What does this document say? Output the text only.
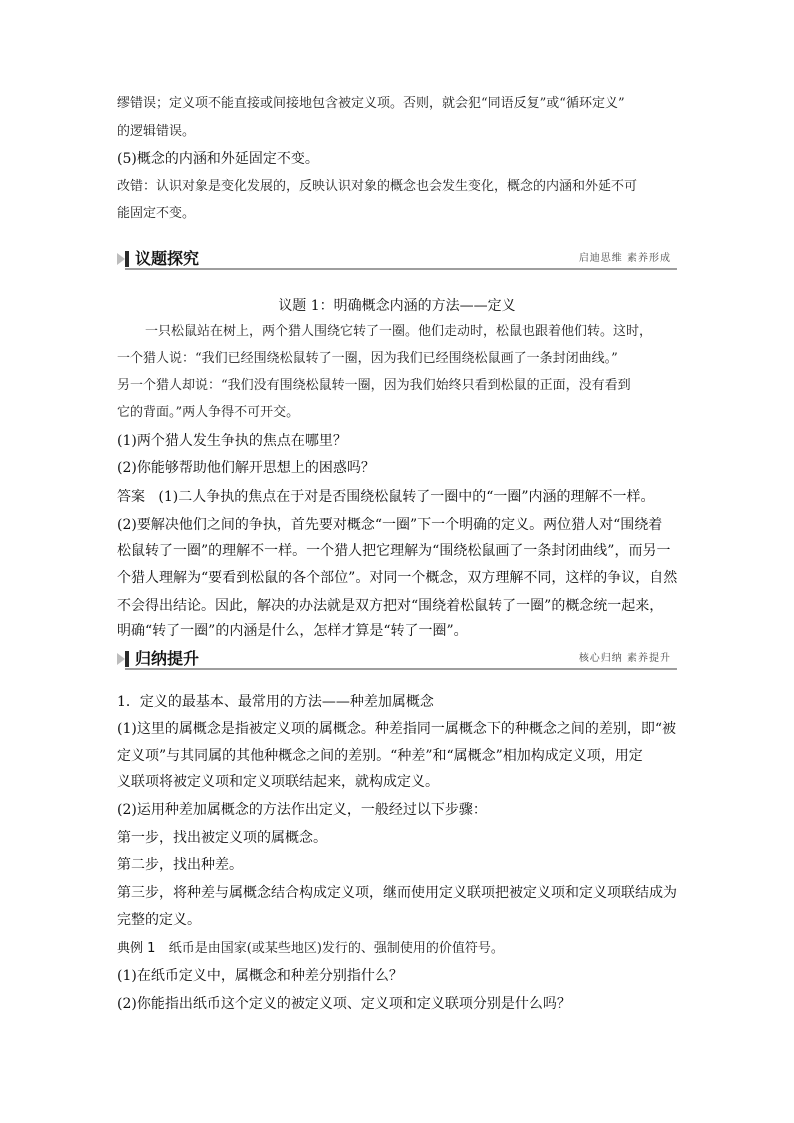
缪错误；定义项不能直接或间接地包含被定义项。否则，就会犯“同语反复”或“循环定义”
的逻辑错误。
(5)概念的内涵和外延固定不变。
改错：认识对象是变化发展的，反映认识对象的概念也会发生变化，概念的内涵和外延不可
能固定不变。
议题探究	启迪思维 素养形成
议题 1：明确概念内涵的方法——定义
一只松鼠站在树上，两个猎人围绕它转了一圈。他们走动时，松鼠也跟着他们转。这时，
一个猎人说：“我们已经围绕松鼠转了一圈，因为我们已经围绕松鼠画了一条封闭曲线。”
另一个猎人却说：“我们没有围绕松鼠转一圈，因为我们始终只看到松鼠的正面，没有看到
它的背面。”两人争得不可开交。
(1)两个猎人发生争执的焦点在哪里？
(2)你能够帮助他们解开思想上的困惑吗？
答案 (1)二人争执的焦点在于对是否围绕松鼠转了一圈中的“一圈”内涵的理解不一样。
(2)要解决他们之间的争执，首先要对概念“一圈”下一个明确的定义。两位猎人对“围绕着
松鼠转了一圈”的理解不一样。一个猎人把它理解为“围绕松鼠画了一条封闭曲线”，而另一
个猎人理解为“要看到松鼠的各个部位”。对同一个概念，双方理解不同，这样的争议，自然
不会得出结论。因此，解决的办法就是双方把对“围绕着松鼠转了一圈”的概念统一起来，
明确“转了一圈”的内涵是什么，怎样才算是“转了一圈”。
归纳提升	核心归纳 素养提升
1．定义的最基本、最常用的方法——种差加属概念
(1)这里的属概念是指被定义项的属概念。种差指同一属概念下的种概念之间的差别，即“被
定义项”与其同属的其他种概念之间的差别。“种差”和“属概念”相加构成定义项，用定
义联项将被定义项和定义项联结起来，就构成定义。
(2)运用种差加属概念的方法作出定义，一般经过以下步骤：
第一步，找出被定义项的属概念。
第二步，找出种差。
第三步，将种差与属概念结合构成定义项，继而使用定义联项把被定义项和定义项联结成为
完整的定义。
典例 1 纸币是由国家(或某些地区)发行的、强制使用的价值符号。
(1)在纸币定义中，属概念和种差分别指什么？
(2)你能指出纸币这个定义的被定义项、定义项和定义联项分别是什么吗？
